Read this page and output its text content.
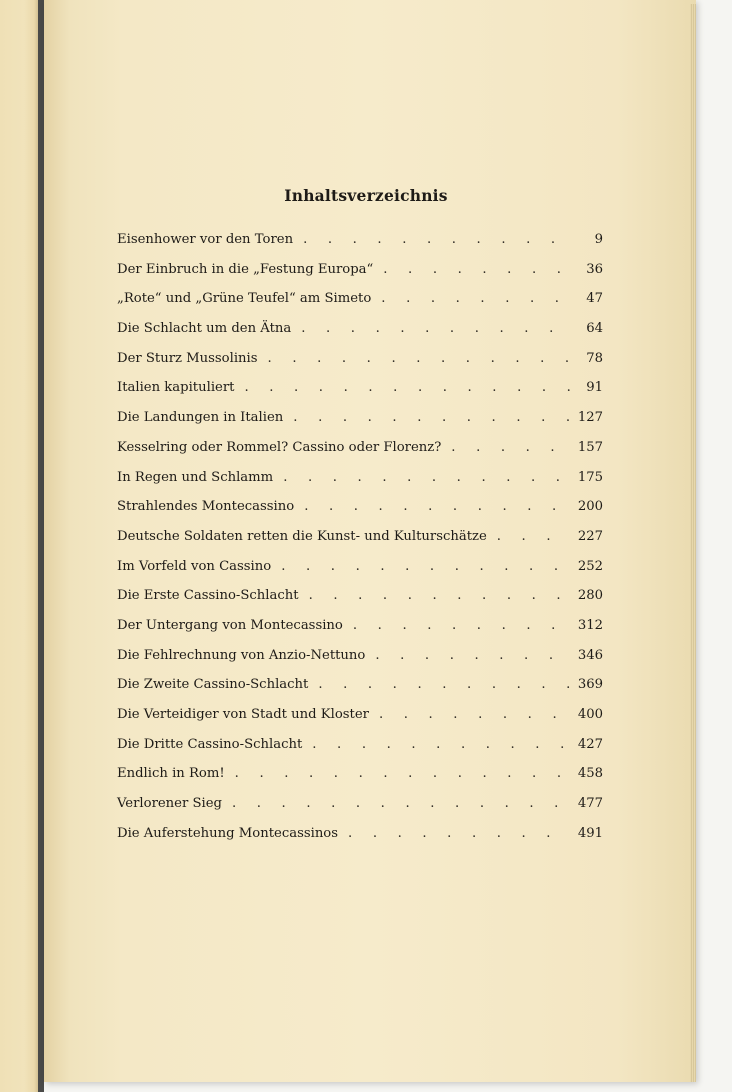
Inhaltsverzeichnis
Eisenhower vor den Toren . . .	9
Der Einbruch in die „Festung Europa“ . . .	36
„Rote“ und „Grüne Teufel“ am Simeto . . .	47
Die Schlacht um den Ätna . . .	64
Der Sturz Mussolinis . . .	78
Italien kapituliert . . .	91
Die Landungen in Italien . . .	127
Kesselring oder Rommel? Cassino oder Florenz? . . .	157
In Regen und Schlamm . . .	175
Strahlendes Montecassino . . .	200
Deutsche Soldaten retten die Kunst- und Kulturschätze . . .	227
Im Vorfeld von Cassino . . .	252
Die Erste Cassino-Schlacht . . .	280
Der Untergang von Montecassino . . .	312
Die Fehlrechnung von Anzio-Nettuno . . .	346
Die Zweite Cassino-Schlacht . . .	369
Die Verteidiger von Stadt und Kloster . . .	400
Die Dritte Cassino-Schlacht . . .	427
Endlich in Rom! . . .	458
Verlorener Sieg . . .	477
Die Auferstehung Montecassinos . . .	491
